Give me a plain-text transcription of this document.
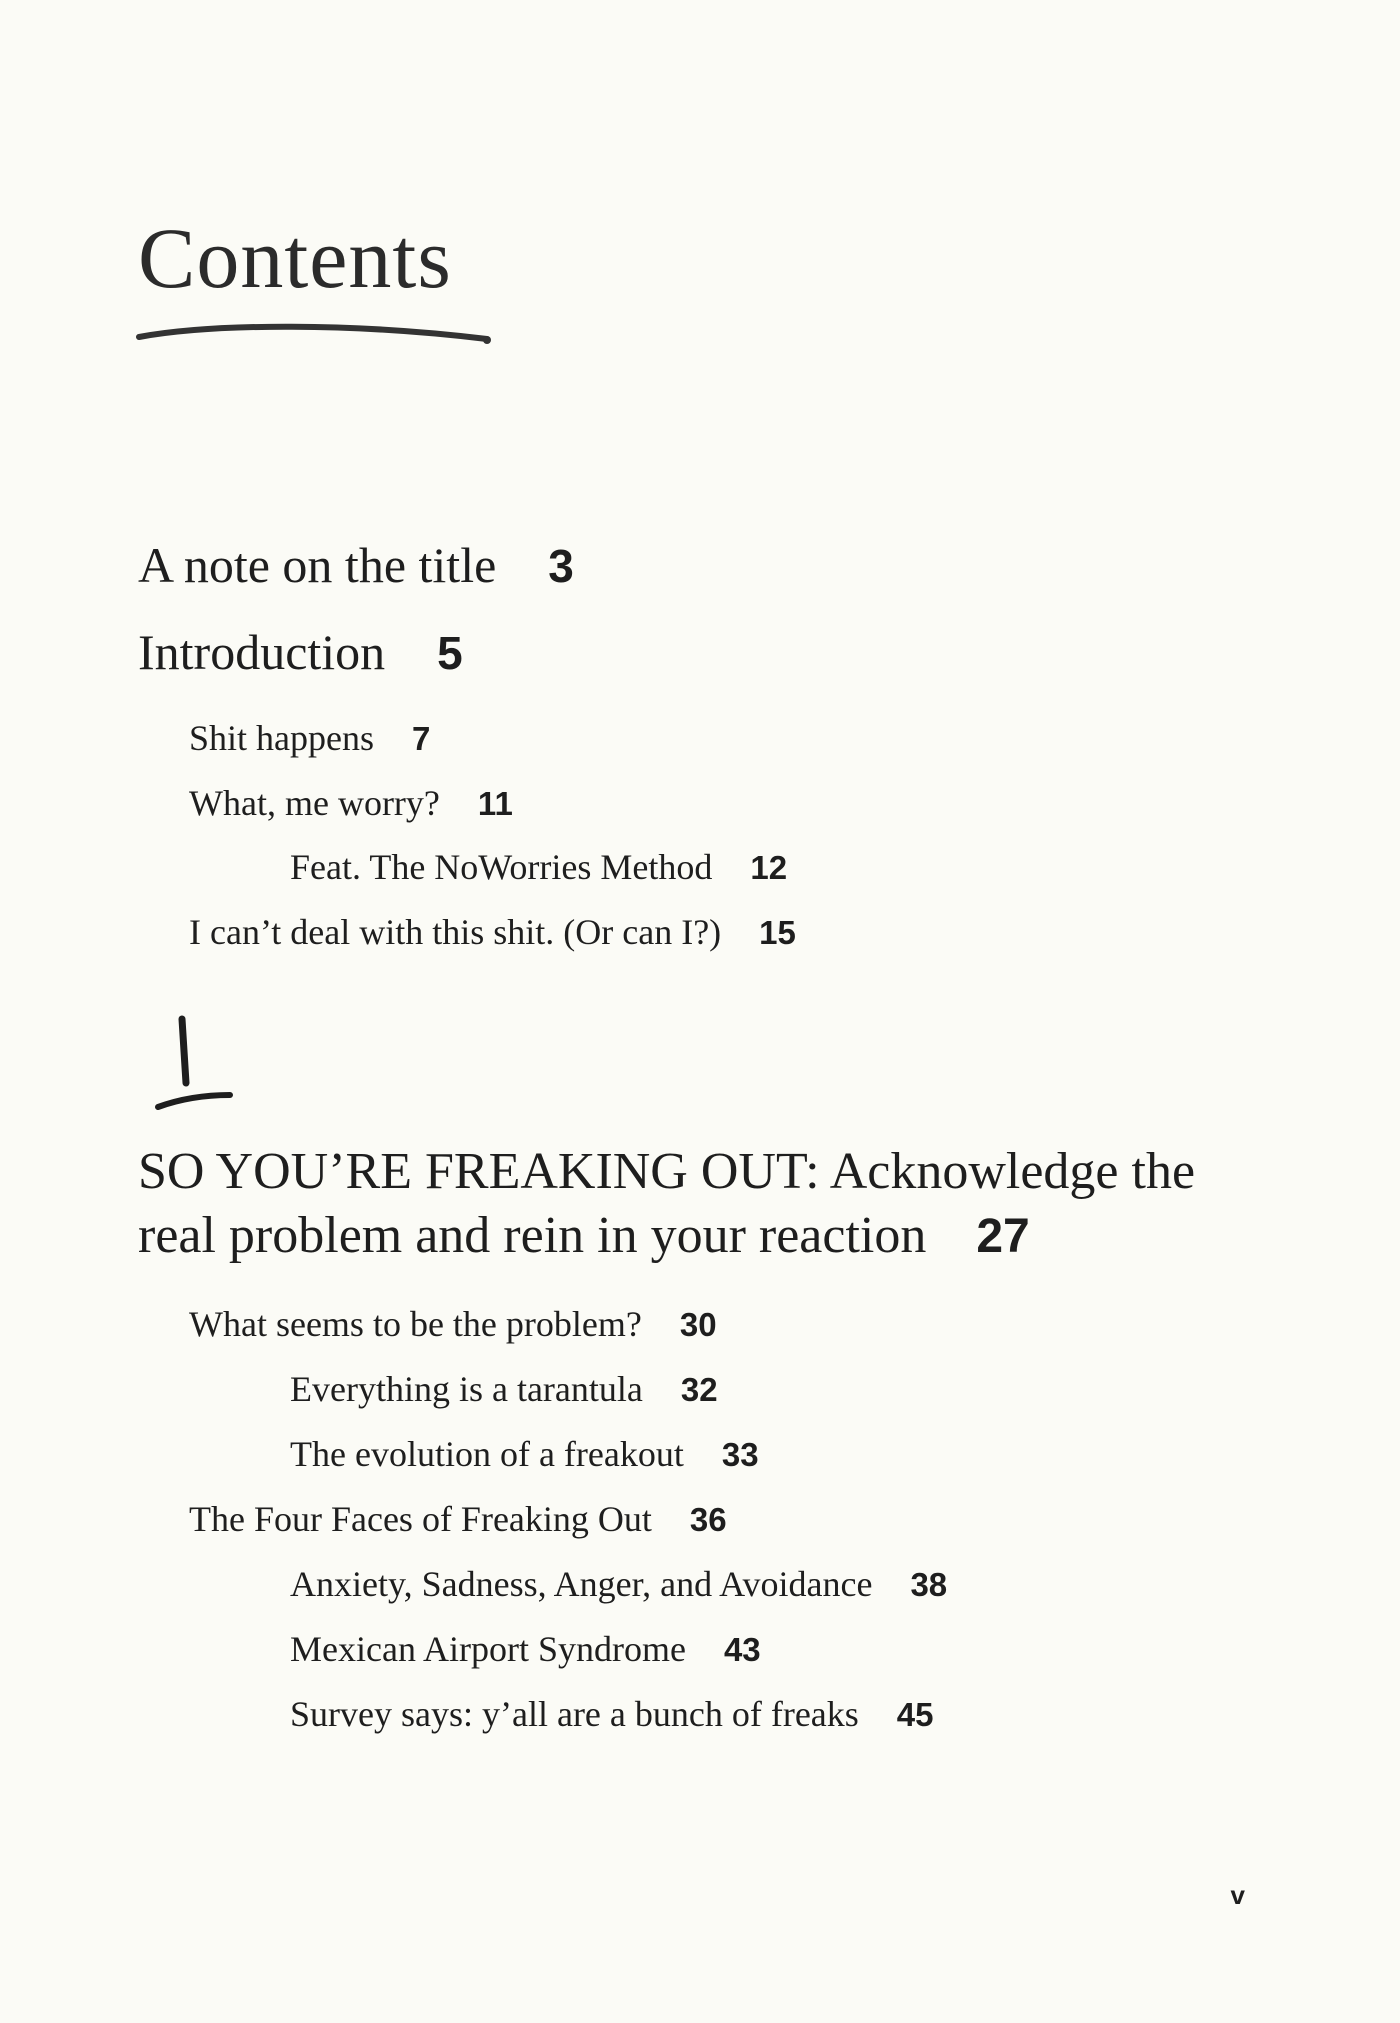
Contents
A note on the title 3
Introduction 5
Shit happens 7
What, me worry? 11
Feat. The NoWorries Method 12
I can’t deal with this shit. (Or can I?) 15
SO YOU’RE FREAKING OUT: Acknowledge the real problem and rein in your reaction 27
What seems to be the problem? 30
Everything is a tarantula 32
The evolution of a freakout 33
The Four Faces of Freaking Out 36
Anxiety, Sadness, Anger, and Avoidance 38
Mexican Airport Syndrome 43
Survey says: y’all are a bunch of freaks 45
v
